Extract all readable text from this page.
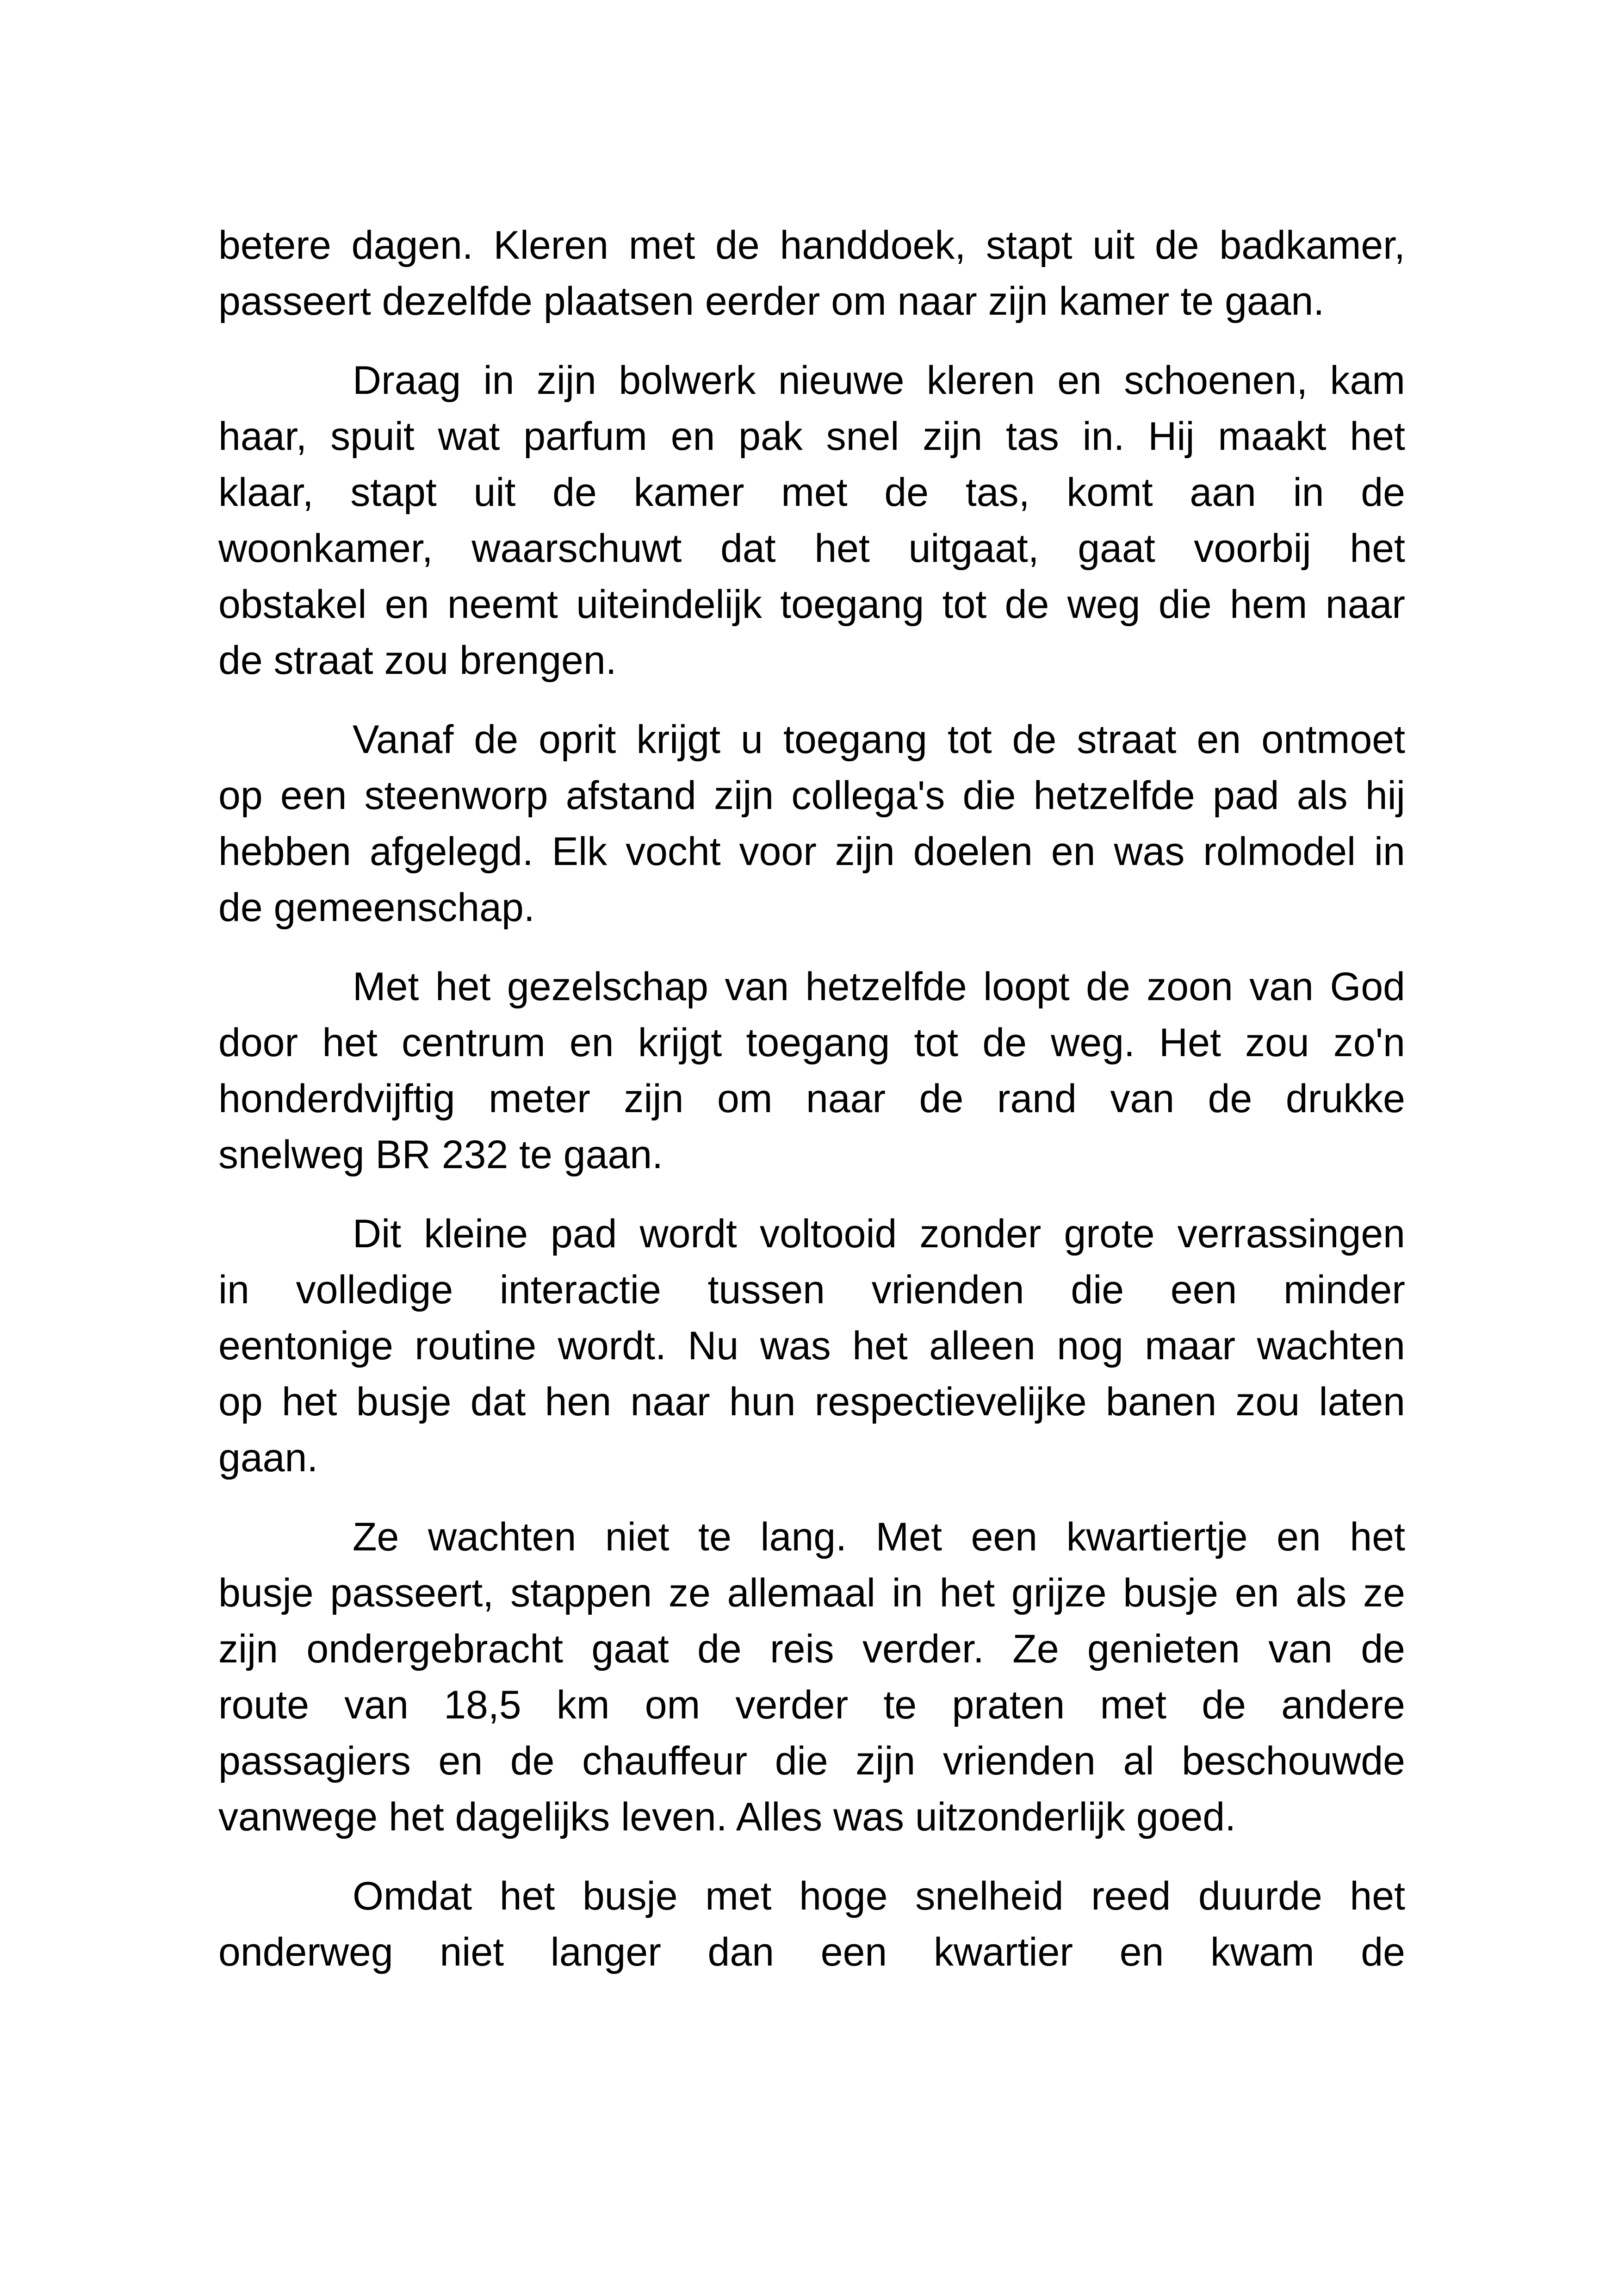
betere dagen. Kleren met de handdoek, stapt uit de badkamer,
passeert dezelfde plaatsen eerder om naar zijn kamer te gaan.

Draag in zijn bolwerk nieuwe kleren en schoenen, kam
haar, spuit wat parfum en pak snel zijn tas in. Hij maakt het
klaar, stapt uit de kamer met de tas, komt aan in de
woonkamer, waarschuwt dat het uitgaat, gaat voorbij het
obstakel en neemt uiteindelijk toegang tot de weg die hem naar
de straat zou brengen.

Vanaf de oprit krijgt u toegang tot de straat en ontmoet
op een steenworp afstand zijn collega's die hetzelfde pad als hij
hebben afgelegd. Elk vocht voor zijn doelen en was rolmodel in
de gemeenschap.

Met het gezelschap van hetzelfde loopt de zoon van God
door het centrum en krijgt toegang tot de weg. Het zou zo'n
honderdvijftig meter zijn om naar de rand van de drukke
snelweg BR 232 te gaan.

Dit kleine pad wordt voltooid zonder grote verrassingen
in volledige interactie tussen vrienden die een minder
eentonige routine wordt. Nu was het alleen nog maar wachten
op het busje dat hen naar hun respectievelijke banen zou laten
gaan.

Ze wachten niet te lang. Met een kwartiertje en het
busje passeert, stappen ze allemaal in het grijze busje en als ze
zijn ondergebracht gaat de reis verder. Ze genieten van de
route van 18,5 km om verder te praten met de andere
passagiers en de chauffeur die zijn vrienden al beschouwde
vanwege het dagelijks leven. Alles was uitzonderlijk goed.

Omdat het busje met hoge snelheid reed duurde het
onderweg niet langer dan een kwartier en kwam de
